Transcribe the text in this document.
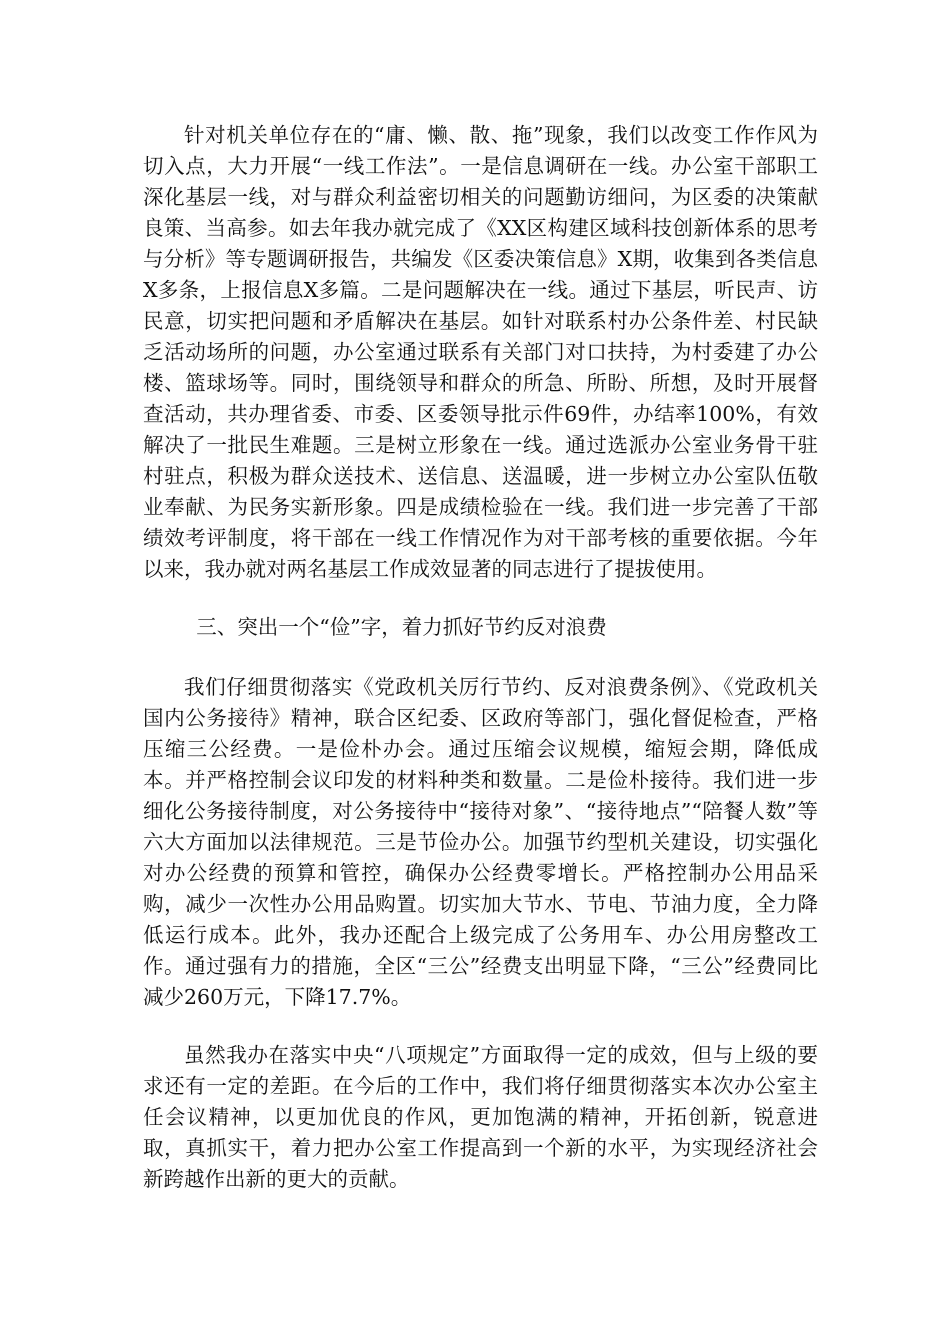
针对机关单位存在的“庸、懒、散、拖”现象，我们以改变工作作风为切入点，大力开展“一线工作法”。一是信息调研在一线。办公室干部职工深化基层一线，对与群众利益密切相关的问题勤访细问，为区委的决策献良策、当高参。如去年我办就完成了《XX区构建区域科技创新体系的思考与分析》等专题调研报告，共编发《区委决策信息》X期，收集到各类信息X多条，上报信息X多篇。二是问题解决在一线。通过下基层，听民声、访民意，切实把问题和矛盾解决在基层。如针对联系村办公条件差、村民缺乏活动场所的问题，办公室通过联系有关部门对口扶持，为村委建了办公楼、篮球场等。同时，围绕领导和群众的所急、所盼、所想，及时开展督查活动，共办理省委、市委、区委领导批示件69件，办结率100%，有效解决了一批民生难题。三是树立形象在一线。通过选派办公室业务骨干驻村驻点，积极为群众送技术、送信息、送温暖，进一步树立办公室队伍敬业奉献、为民务实新形象。四是成绩检验在一线。我们进一步完善了干部绩效考评制度，将干部在一线工作情况作为对干部考核的重要依据。今年以来，我办就对两名基层工作成效显著的同志进行了提拔使用。

三、突出一个“俭”字，着力抓好节约反对浪费

我们仔细贯彻落实《党政机关厉行节约、反对浪费条例》、《党政机关国内公务接待》精神，联合区纪委、区政府等部门，强化督促检查，严格压缩三公经费。一是俭朴办会。通过压缩会议规模，缩短会期，降低成本。并严格控制会议印发的材料种类和数量。二是俭朴接待。我们进一步细化公务接待制度，对公务接待中“接待对象”、“接待地点”“陪餐人数”等六大方面加以法律规范。三是节俭办公。加强节约型机关建设，切实强化对办公经费的预算和管控，确保办公经费零增长。严格控制办公用品采购，减少一次性办公用品购置。切实加大节水、节电、节油力度，全力降低运行成本。此外，我办还配合上级完成了公务用车、办公用房整改工作。通过强有力的措施，全区“三公”经费支出明显下降，“三公”经费同比减少260万元，下降17.7%。

虽然我办在落实中央“八项规定”方面取得一定的成效，但与上级的要求还有一定的差距。在今后的工作中，我们将仔细贯彻落实本次办公室主任会议精神，以更加优良的作风，更加饱满的精神，开拓创新，锐意进取，真抓实干，着力把办公室工作提高到一个新的水平，为实现经济社会新跨越作出新的更大的贡献。
